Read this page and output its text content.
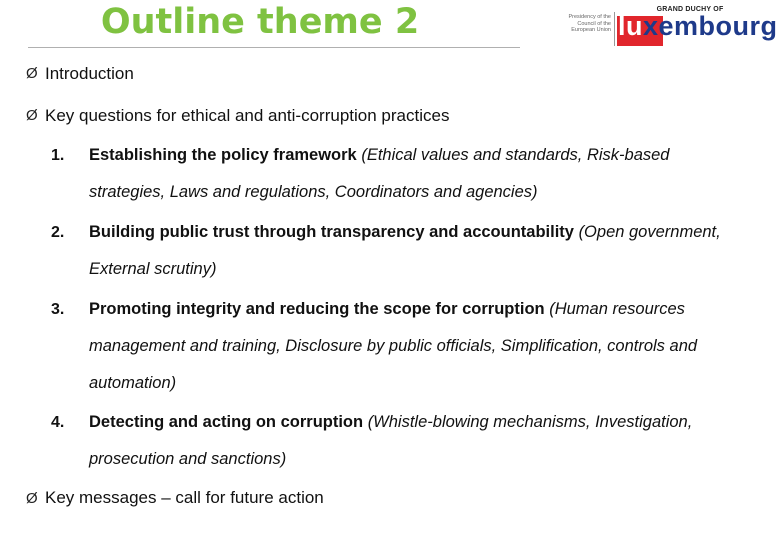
Outline theme 2	Presidency of the Council of the European Union
GRAND DUCHY OF
luxembourg
Ø Introduction
Ø Key questions for ethical and anti-corruption practices
1. Establishing the policy framework (Ethical values and standards, Risk-based strategies, Laws and regulations, Coordinators and agencies)
2. Building public trust through transparency and accountability (Open government, External scrutiny)
3. Promoting integrity and reducing the scope for corruption (Human resources management and training, Disclosure by public officials, Simplification, controls and automation)
4. Detecting and acting on corruption (Whistle-blowing mechanisms, Investigation, prosecution and sanctions)
Ø Key messages – call for future action
